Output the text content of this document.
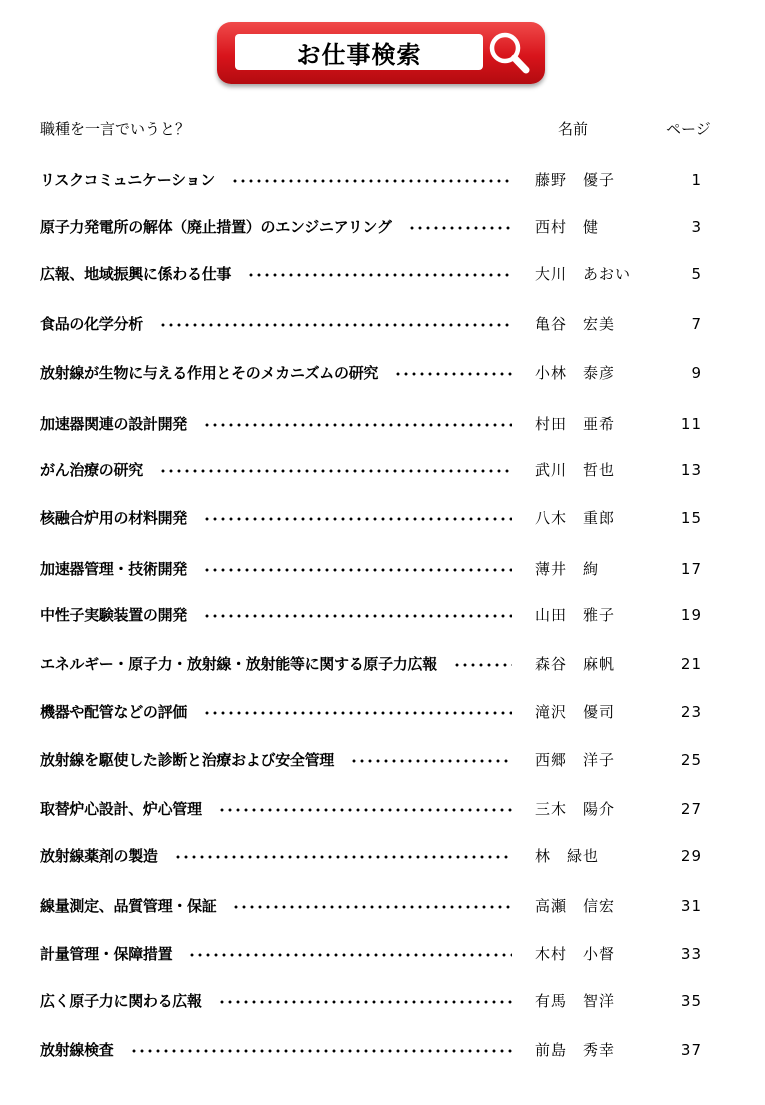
お仕事検索
職種を一言でいうと？	名前	ページ
リスクコミュニケーション	藤野　優子	1
原子力発電所の解体（廃止措置）のエンジニアリング	西村　健	3
広報、地域振興に係わる仕事	大川　あおい	5
食品の化学分析	亀谷　宏美	7
放射線が生物に与える作用とそのメカニズムの研究	小林　泰彦	9
加速器関連の設計開発	村田　亜希	11
がん治療の研究	武川　哲也	13
核融合炉用の材料開発	八木　重郎	15
加速器管理・技術開発	薄井　絢	17
中性子実験装置の開発	山田　雅子	19
エネルギー・原子力・放射線・放射能等に関する原子力広報	森谷　麻帆	21
機器や配管などの評価	滝沢　優司	23
放射線を駆使した診断と治療および安全管理	西郷　洋子	25
取替炉心設計、炉心管理	三木　陽介	27
放射線薬剤の製造	林　緑也	29
線量測定、品質管理・保証	高瀬　信宏	31
計量管理・保障措置	木村　小督	33
広く原子力に関わる広報	有馬　智洋	35
放射線検査	前島　秀幸	37
